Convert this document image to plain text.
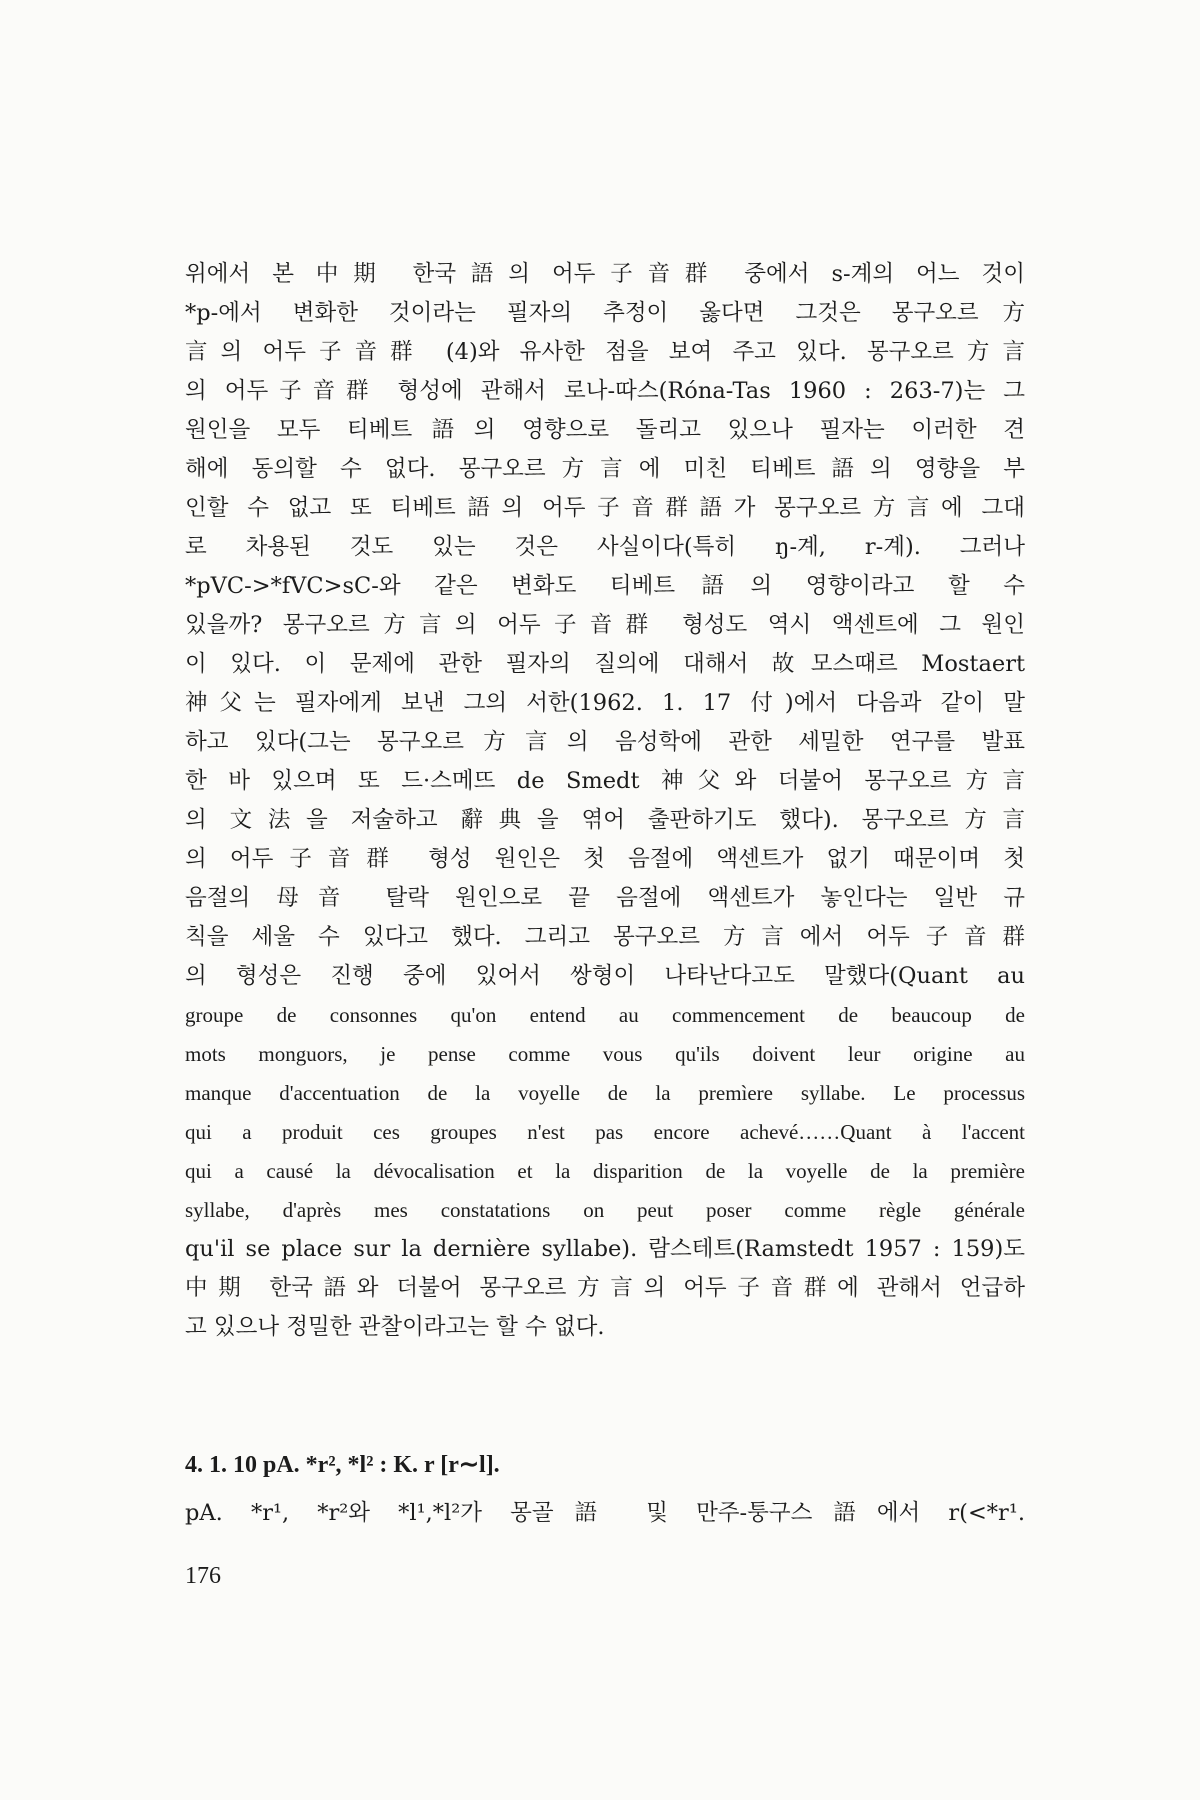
위에서 본 中期 한국語의 어두子音群 중에서 s-계의 어느 것이
*p-에서 변화한 것이라는 필자의 추정이 옳다면 그것은 몽구오르方
言의 어두子音群 (4)와 유사한 점을 보여 주고 있다. 몽구오르方言
의 어두子音群 형성에 관해서 로나-따스(Róna-Tas 1960 : 263-7)는 그
원인을 모두 티베트語의 영향으로 돌리고 있으나 필자는 이러한 견
해에 동의할 수 없다. 몽구오르方言에 미친 티베트語의 영향을 부
인할 수 없고 또 티베트語의 어두子音群語가 몽구오르方言에 그대
로 차용된 것도 있는 것은 사실이다(특히 ŋ-계, r-계). 그러나
*pVC->*fVC>sC-와 같은 변화도 티베트語의 영향이라고 할 수
있을까? 몽구오르方言의 어두子音群 형성도 역시 액센트에 그 원인
이 있다. 이 문제에 관한 필자의 질의에 대해서 故모스때르 Mostaert
神父는 필자에게 보낸 그의 서한(1962. 1. 17 付)에서 다음과 같이 말
하고 있다(그는 몽구오르方言의 음성학에 관한 세밀한 연구를 발표
한 바 있으며 또 드·스메뜨 de Smedt 神父와 더불어 몽구오르方言
의 文法을 저술하고 辭典을 엮어 출판하기도 했다). 몽구오르方言
의 어두子音群 형성 원인은 첫 음절에 액센트가 없기 때문이며 첫
음절의 母音 탈락 원인으로 끝 음절에 액센트가 놓인다는 일반 규
칙을 세울 수 있다고 했다. 그리고 몽구오르 方言에서 어두子音群
의 형성은 진행 중에 있어서 쌍형이 나타난다고도 말했다(Quant au
groupe de consonnes qu'on entend au commencement de beaucoup de
mots monguors, je pense comme vous qu'ils doivent leur origine au
manque d'accentuation de la voyelle de la premìere syllabe. Le processus
qui a produit ces groupes n'est pas encore achevé……Quant à l'accent
qui a causé la dévocalisation et la disparition de la voyelle de la première
syllabe, d'après mes constatations on peut poser comme règle générale
qu'il se place sur la dernière syllabe). 람스테트(Ramstedt 1957 : 159)도
中期 한국語와 더불어 몽구오르方言의 어두子音群에 관해서 언급하
고 있으나 정밀한 관찰이라고는 할 수 없다.

4. 1. 10 pA. *r², *l² : K. r [r∼l].

pA. *r¹, *r²와 *l¹,*l²가 몽골語 및 만주-퉁구스語에서 r(<*r¹.

176
